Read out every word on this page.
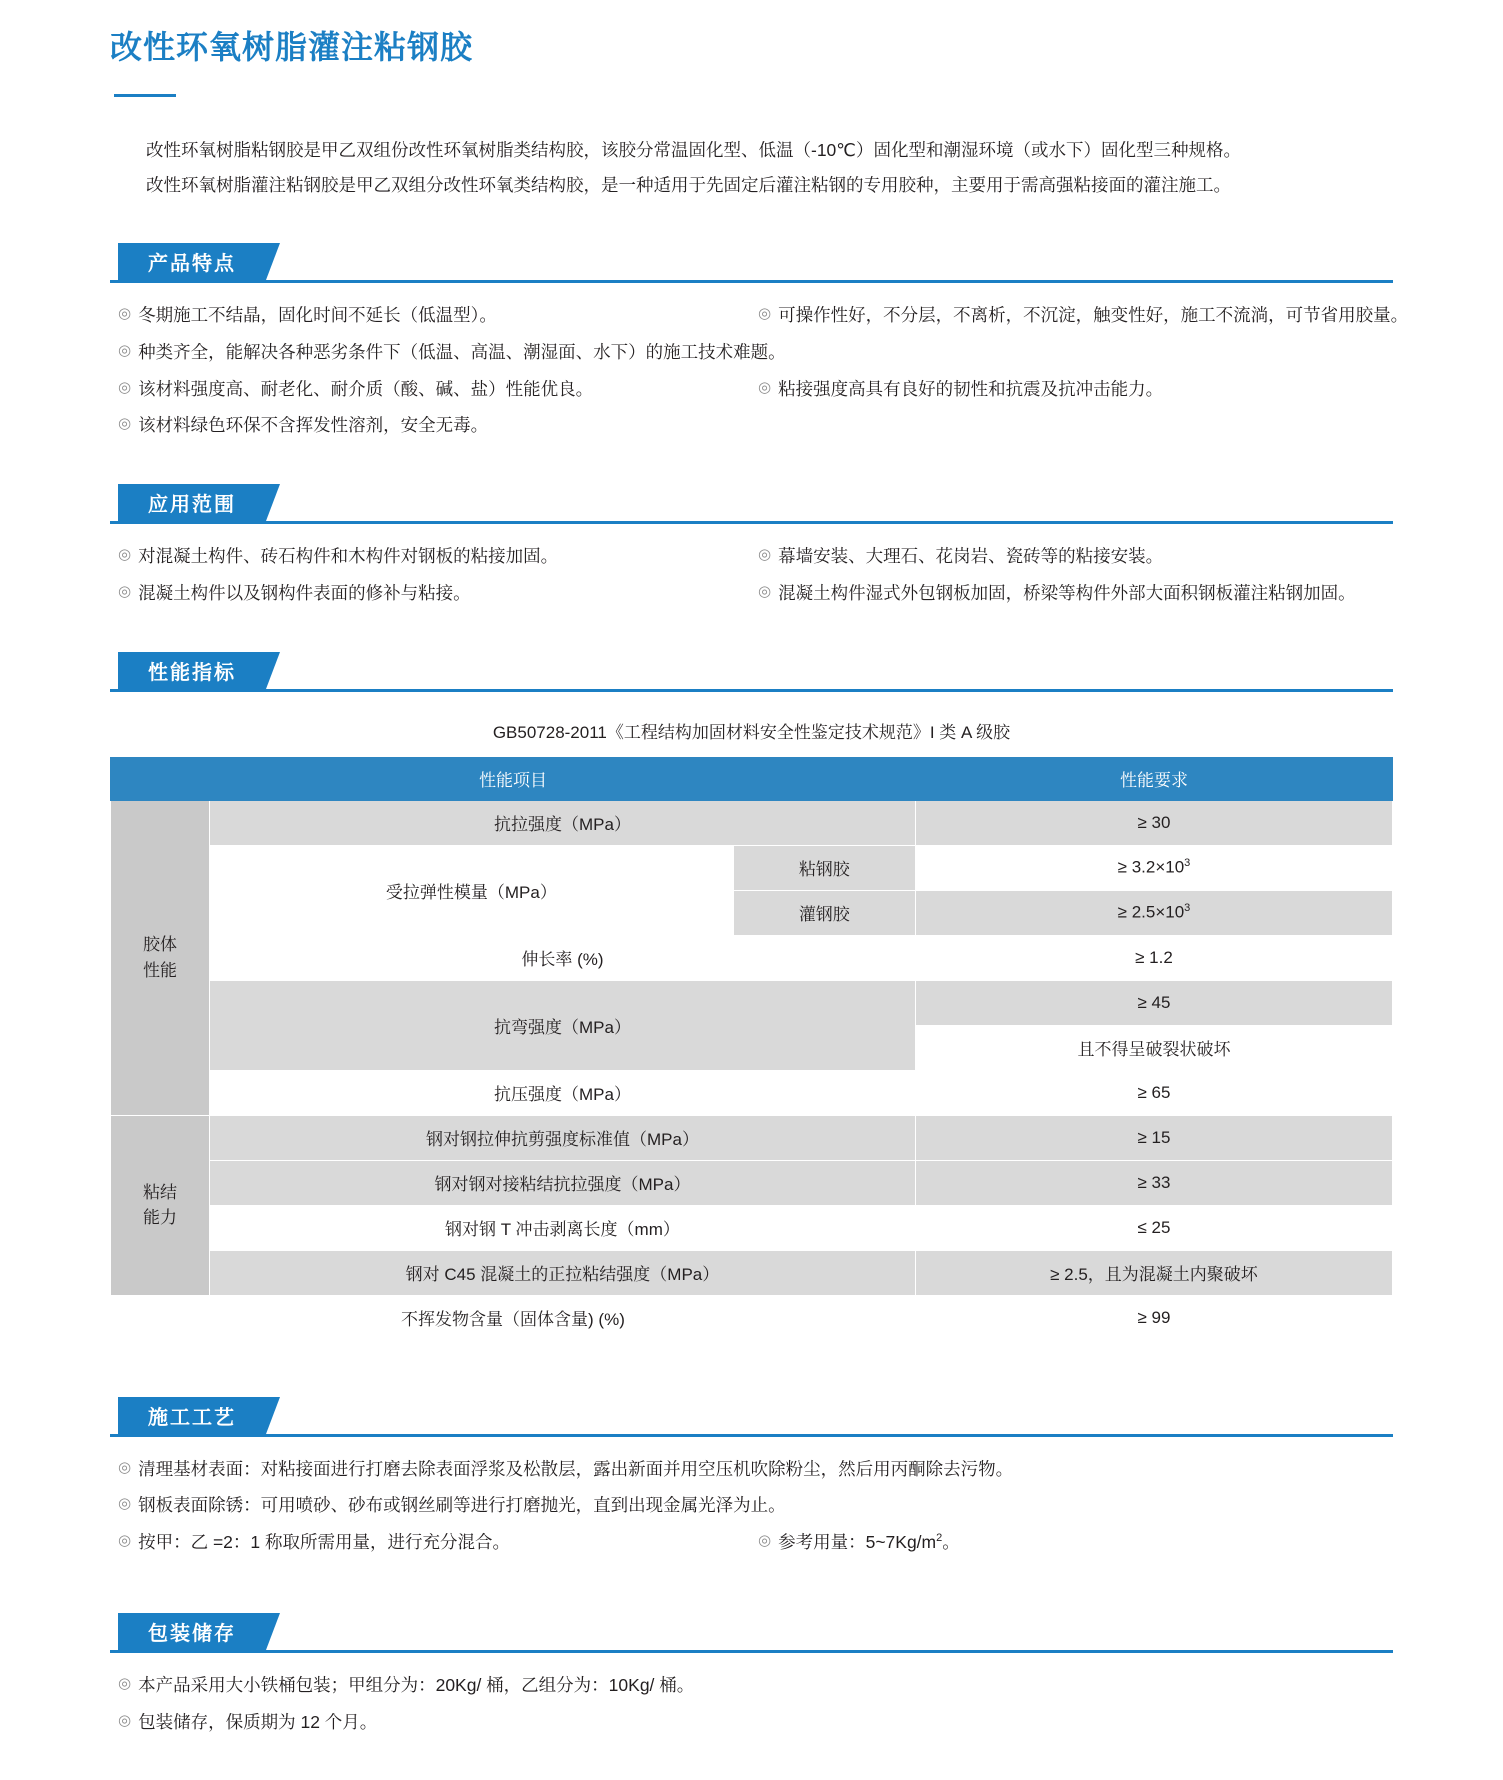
改性环氧树脂灌注粘钢胶

改性环氧树脂粘钢胶是甲乙双组份改性环氧树脂类结构胶，该胶分常温固化型、低温（-10℃）固化型和潮湿环境（或水下）固化型三种规格。

改性环氧树脂灌注粘钢胶是甲乙双组分改性环氧类结构胶，是一种适用于先固定后灌注粘钢的专用胶种，主要用于需高强粘接面的灌注施工。

产品特点
◎ 冬期施工不结晶，固化时间不延长（低温型）。	◎ 可操作性好，不分层，不离析，不沉淀，触变性好，施工不流淌，可节省用胶量。
◎ 种类齐全，能解决各种恶劣条件下（低温、高温、潮湿面、水下）的施工技术难题。
◎ 该材料强度高、耐老化、耐介质（酸、碱、盐）性能优良。	◎ 粘接强度高具有良好的韧性和抗震及抗冲击能力。
◎ 该材料绿色环保不含挥发性溶剂，安全无毒。
应用范围
◎ 对混凝土构件、砖石构件和木构件对钢板的粘接加固。	◎ 幕墙安装、大理石、花岗岩、瓷砖等的粘接安装。
◎ 混凝土构件以及钢构件表面的修补与粘接。	◎ 混凝土构件湿式外包钢板加固，桥梁等构件外部大面积钢板灌注粘钢加固。
性能指标
GB50728-2011《工程结构加固材料安全性鉴定技术规范》I 类 A 级胶
性能项目			性能要求
胶体
性能	抗拉强度（MPa）		≥ 30
	受拉弹性模量（MPa）	粘钢胶	≥ $3.2\times 10^3$
		灌钢胶	≥ $2.5\times 10^3$
	伸长率 (%)		≥ 1.2
	抗弯强度（MPa）		≥ 45
			且不得呈破裂状破坏
	抗压强度（MPa）		≥ 65
粘结
能力	钢对钢拉伸抗剪强度标准值（MPa）		≥ 15
	钢对钢对接粘结抗拉强度（MPa）		≥ 33
	钢对钢 T 冲击剥离长度（mm）		≤ 25
	钢对 C45 混凝土的正拉粘结强度（MPa）		≥ 2.5，且为混凝土内聚破坏
不挥发物含量（固体含量) (%)			≥ 99
施工工艺
◎ 清理基材表面：对粘接面进行打磨去除表面浮浆及松散层，露出新面并用空压机吹除粉尘，然后用丙酮除去污物。
◎ 钢板表面除锈：可用喷砂、砂布或钢丝刷等进行打磨抛光，直到出现金属光泽为止。
◎ 按甲：乙 =2：1 称取所需用量，进行充分混合。	◎ 参考用量：$5\sim 7Kg/m^2$。
包装储存
◎ 本产品采用大小铁桶包装；甲组分为：20Kg/ 桶，乙组分为：10Kg/ 桶。
◎ 包装储存，保质期为 12 个月。
